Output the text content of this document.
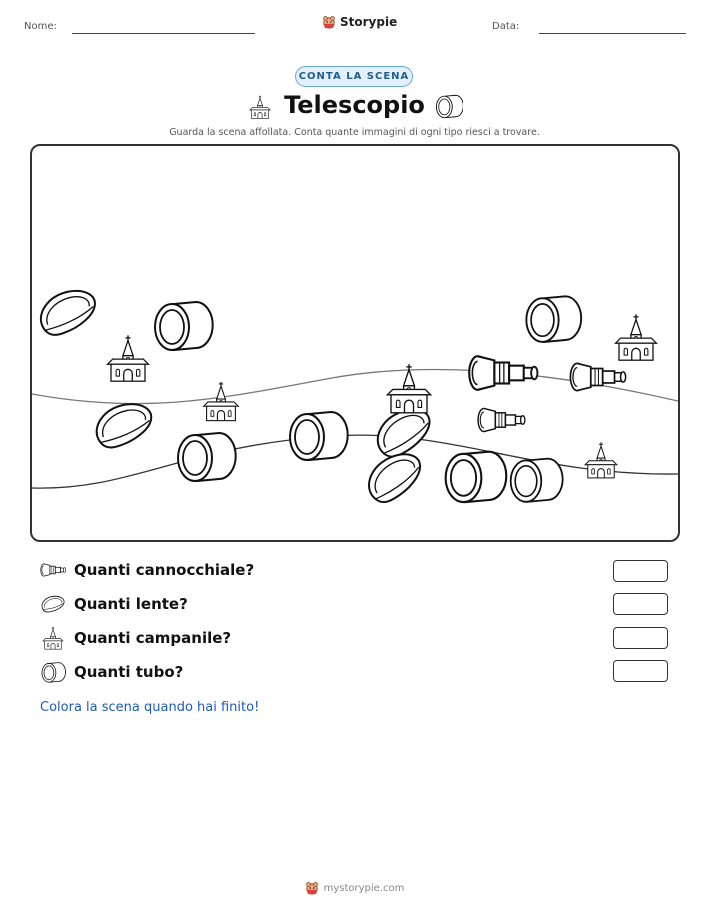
Nome:	Storypie	Data:
CONTA LA SCENA
Telescopio
Guarda la scena affollata. Conta quante immagini di ogni tipo riesci a trovare.
Quanti cannocchiale?
Quanti lente?
Quanti campanile?
Quanti tubo?
Colora la scena quando hai finito!
mystorypie.com
